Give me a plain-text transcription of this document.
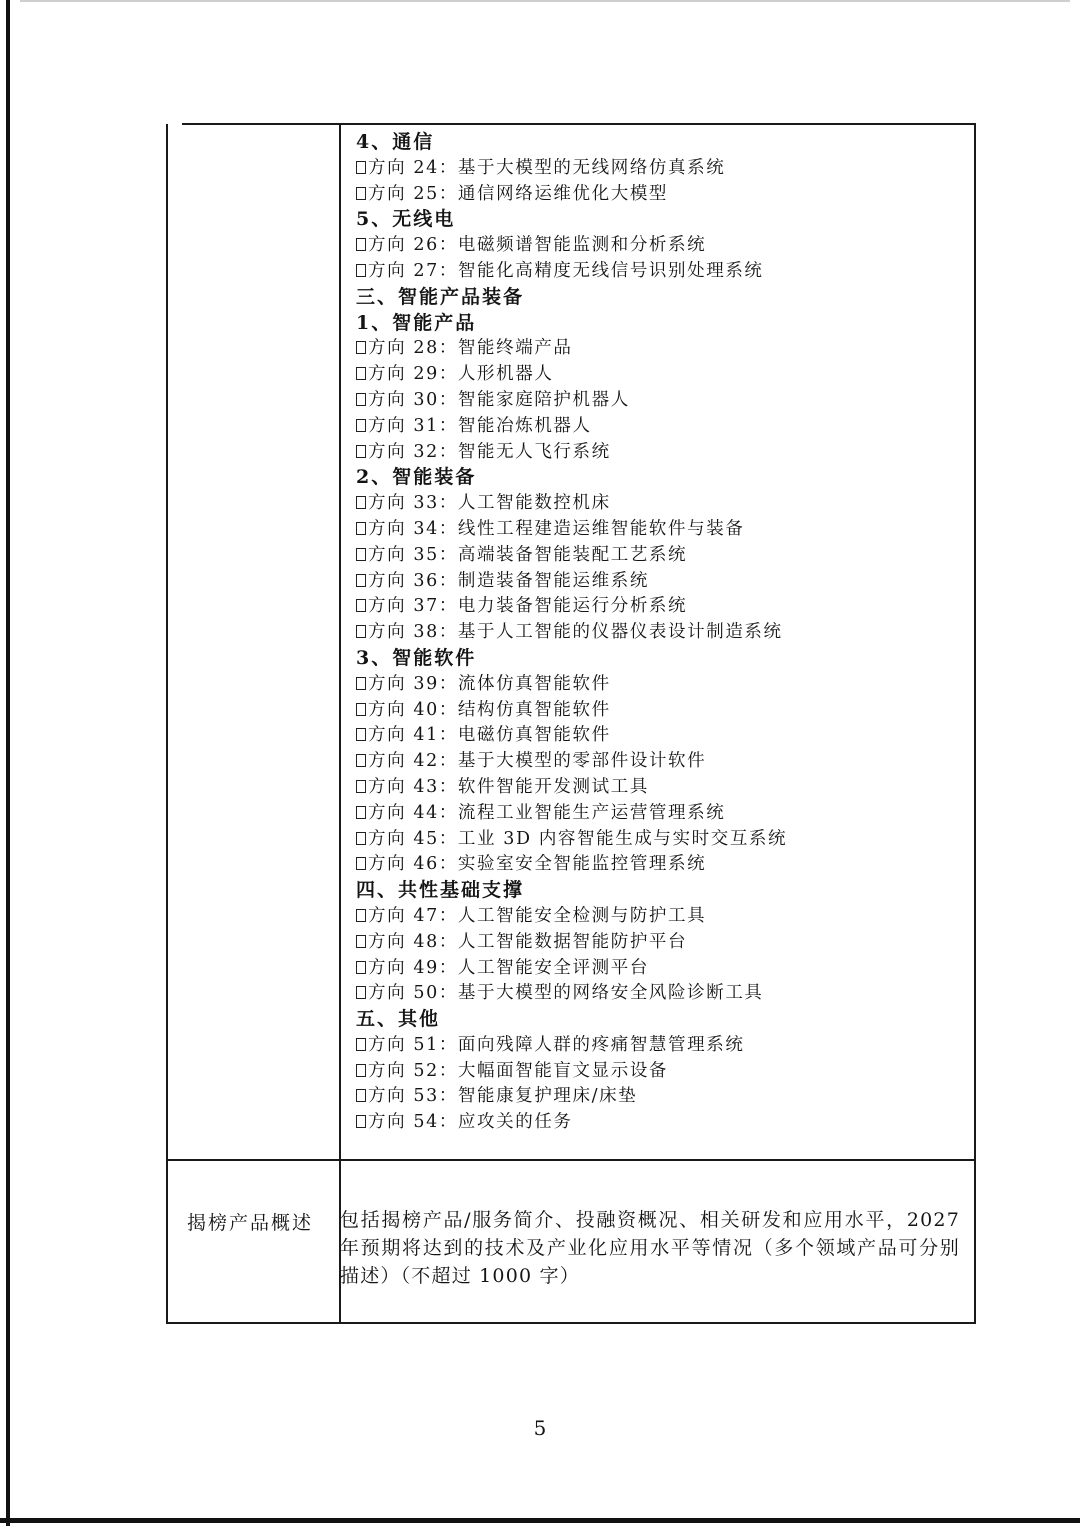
4、通信
方向 24：基于大模型的无线网络仿真系统
方向 25：通信网络运维优化大模型
5、无线电
方向 26：电磁频谱智能监测和分析系统
方向 27：智能化高精度无线信号识别处理系统
三、智能产品装备
1、智能产品
方向 28：智能终端产品
方向 29：人形机器人
方向 30：智能家庭陪护机器人
方向 31：智能冶炼机器人
方向 32：智能无人飞行系统
2、智能装备
方向 33：人工智能数控机床
方向 34：线性工程建造运维智能软件与装备
方向 35：高端装备智能装配工艺系统
方向 36：制造装备智能运维系统
方向 37：电力装备智能运行分析系统
方向 38：基于人工智能的仪器仪表设计制造系统
3、智能软件
方向 39：流体仿真智能软件
方向 40：结构仿真智能软件
方向 41：电磁仿真智能软件
方向 42：基于大模型的零部件设计软件
方向 43：软件智能开发测试工具
方向 44：流程工业智能生产运营管理系统
方向 45：工业 3D 内容智能生成与实时交互系统
方向 46：实验室安全智能监控管理系统
四、共性基础支撑
方向 47：人工智能安全检测与防护工具
方向 48：人工智能数据智能防护平台
方向 49：人工智能安全评测平台
方向 50：基于大模型的网络安全风险诊断工具
五、其他
方向 51：面向残障人群的疼痛智慧管理系统
方向 52：大幅面智能盲文显示设备
方向 53：智能康复护理床/床垫
方向 54：应攻关的任务
揭榜产品概述	包括揭榜产品/服务简介、投融资概况、相关研发和应用水平，2027年预期将达到的技术及产业化应用水平等情况（多个领域产品可分别描述）（不超过 1000 字）
5
